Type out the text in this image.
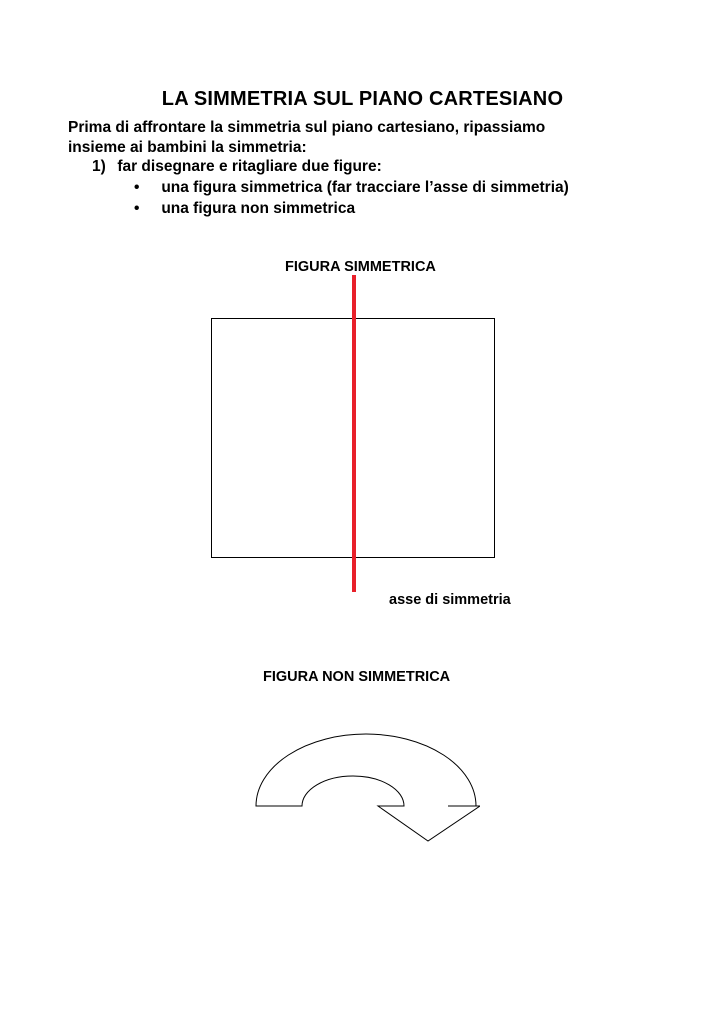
LA SIMMETRIA SUL PIANO CARTESIANO
Prima di affrontare la simmetria sul piano cartesiano, ripassiamo
insieme ai bambini la simmetria:
1) far disegnare e ritagliare due figure:
• una figura simmetrica (far tracciare l’asse di simmetria)
• una figura non simmetrica
FIGURA SIMMETRICA
asse di simmetria
FIGURA NON SIMMETRICA
